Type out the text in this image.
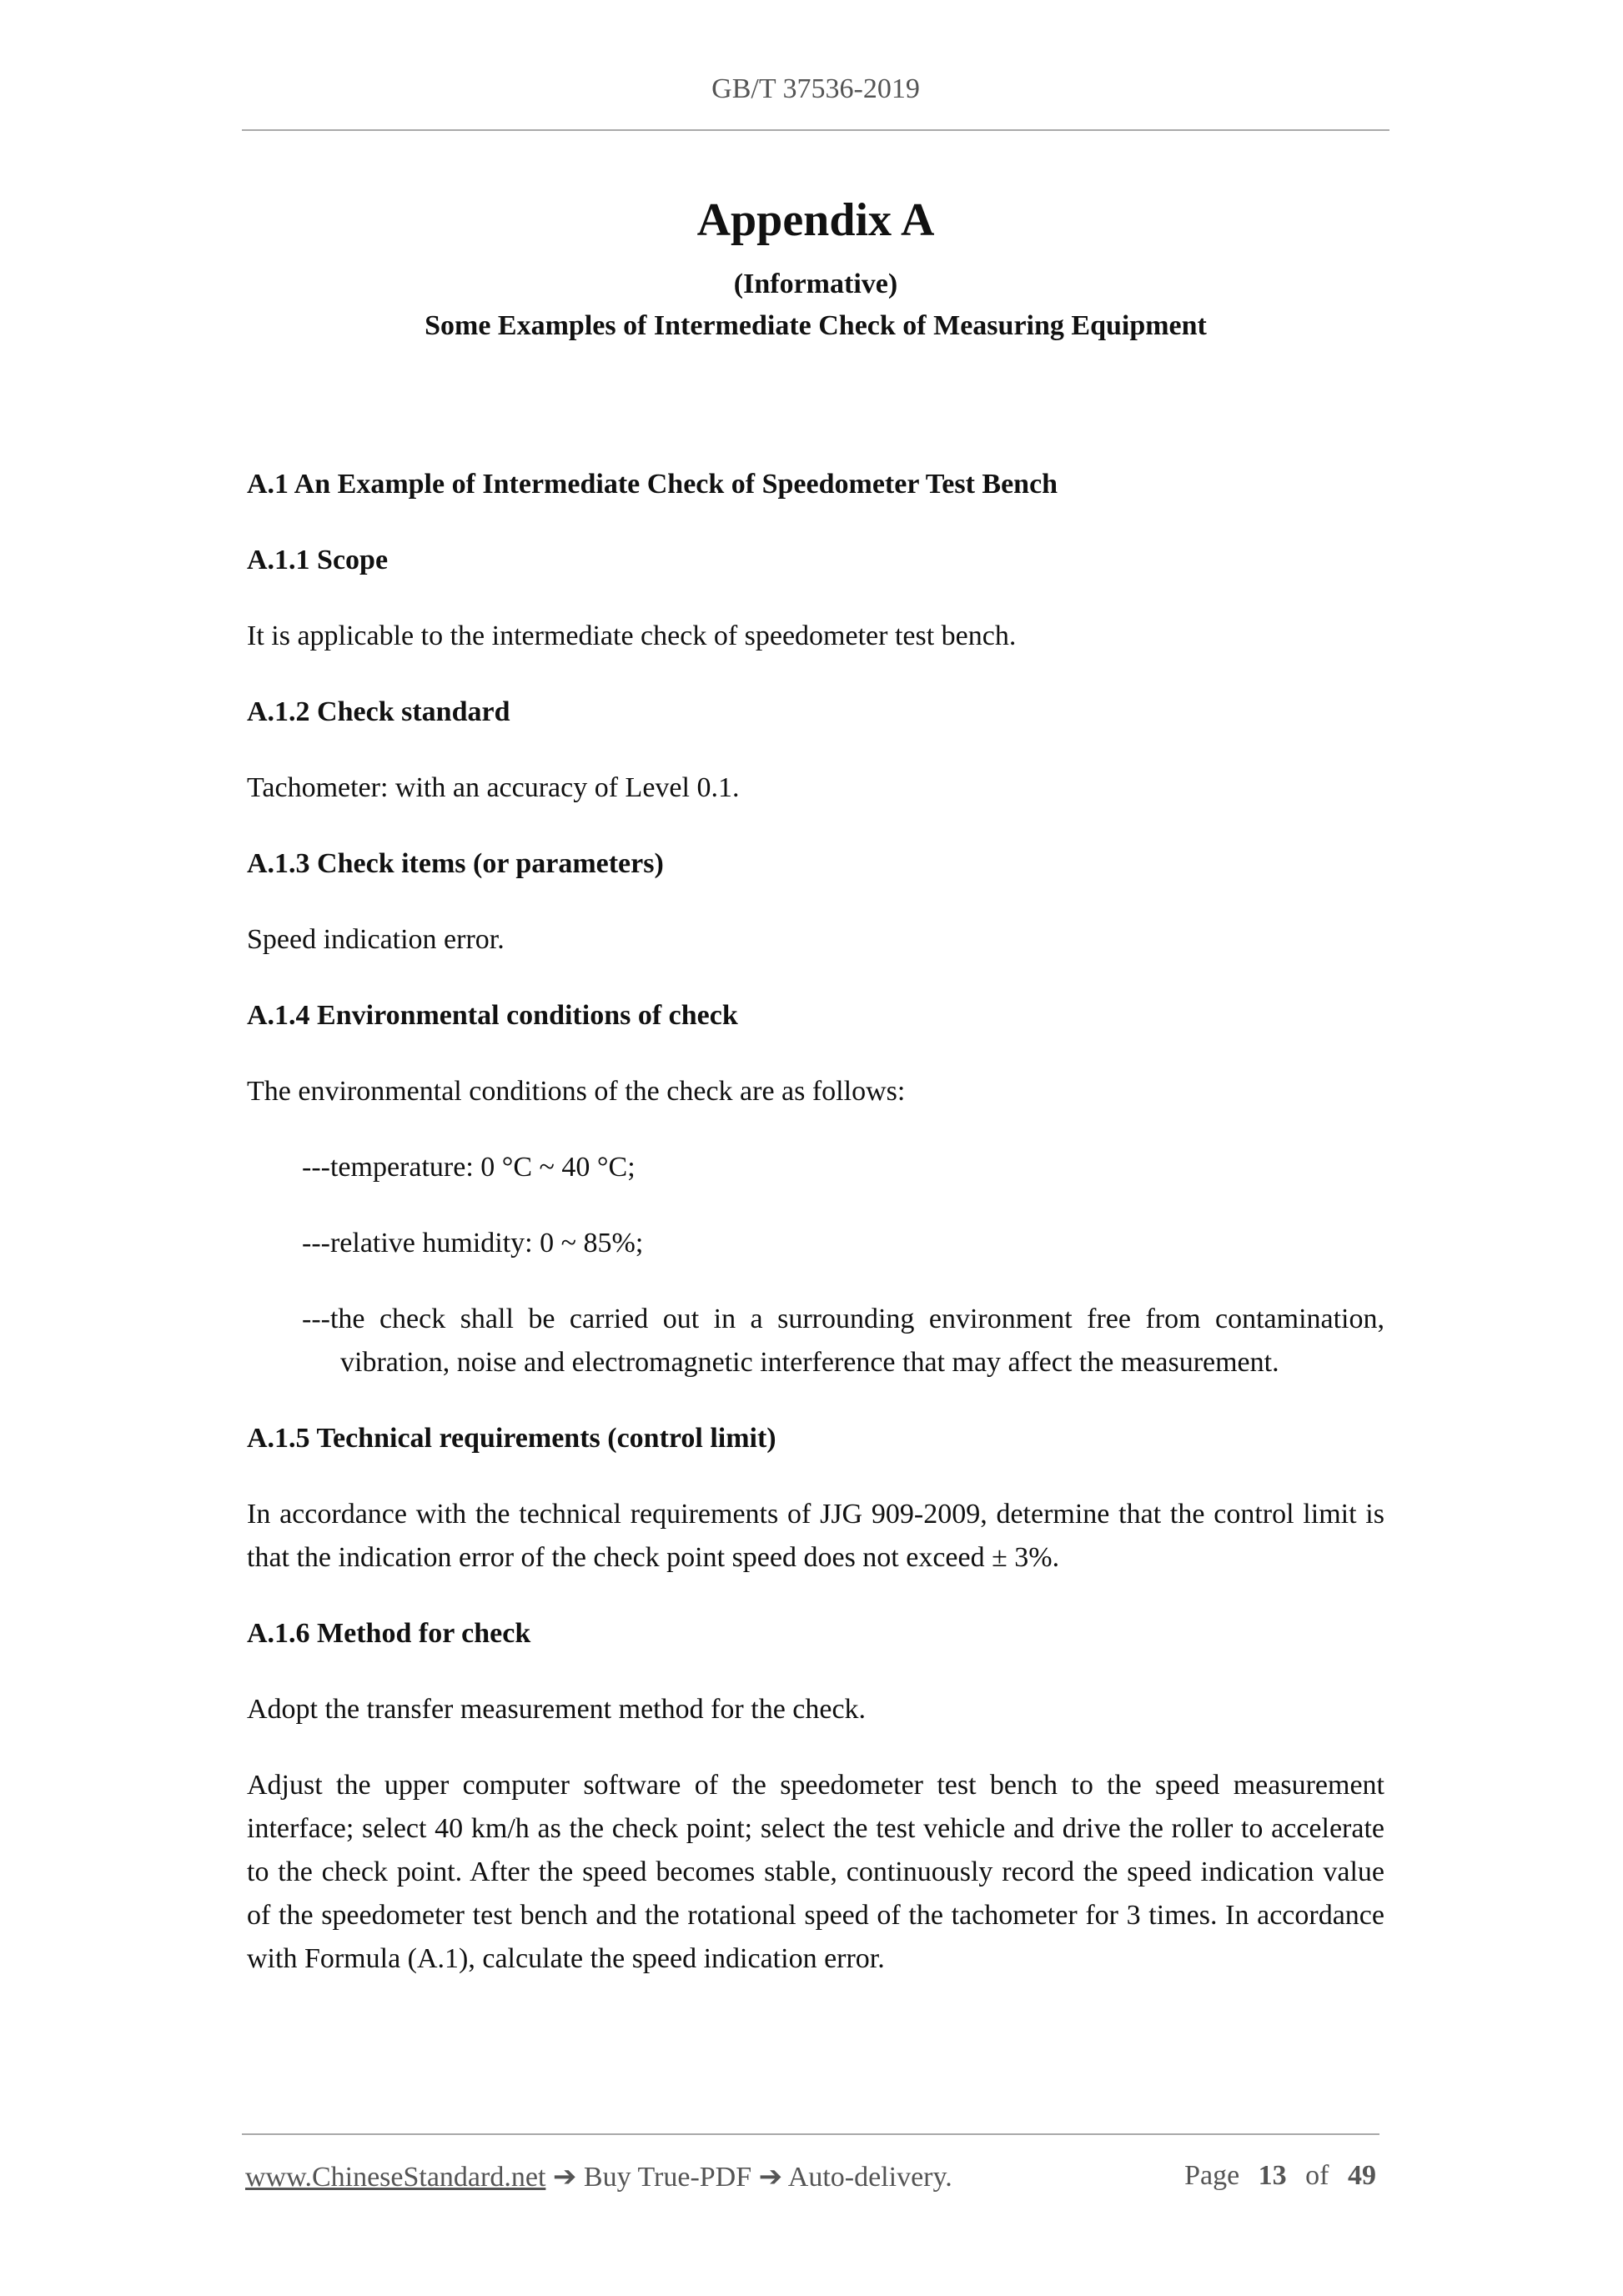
GB/T 37536-2019
Appendix A
(Informative)
Some Examples of Intermediate Check of Measuring Equipment
A.1 An Example of Intermediate Check of Speedometer Test Bench
A.1.1 Scope
It is applicable to the intermediate check of speedometer test bench.
A.1.2 Check standard
Tachometer: with an accuracy of Level 0.1.
A.1.3 Check items (or parameters)
Speed indication error.
A.1.4 Environmental conditions of check
The environmental conditions of the check are as follows:
---temperature: 0 °C ~ 40 °C;
---relative humidity: 0 ~ 85%;
---the check shall be carried out in a surrounding environment free from contamination, vibration, noise and electromagnetic interference that may affect the measurement.
A.1.5 Technical requirements (control limit)
In accordance with the technical requirements of JJG 909-2009, determine that the control limit is that the indication error of the check point speed does not exceed ± 3%.
A.1.6 Method for check
Adopt the transfer measurement method for the check.
Adjust the upper computer software of the speedometer test bench to the speed measurement interface; select 40 km/h as the check point; select the test vehicle and drive the roller to accelerate to the check point. After the speed becomes stable, continuously record the speed indication value of the speedometer test bench and the rotational speed of the tachometer for 3 times. In accordance with Formula (A.1), calculate the speed indication error.
www.ChineseStandard.net ➔ Buy True-PDF ➔ Auto-delivery.	Page 13 of 49
